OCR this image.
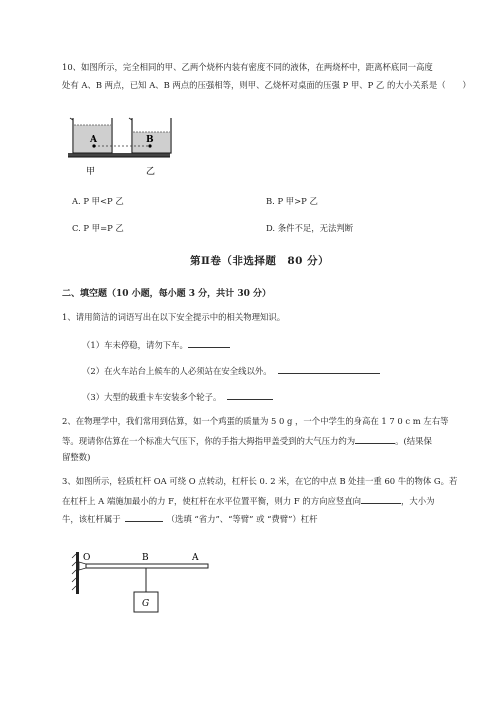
10、如图所示，完全相同的甲、乙两个烧杯内装有密度不同的液体，在两烧杯中，距离杯底同一高度
处有 A、B 两点，已知 A、B 两点的压强相等，则甲、乙烧杯对桌面的压强 P 甲、P 乙 的大小关系是（　　）
A	B
甲	乙
A. P 甲<P 乙	B. P 甲>P 乙
C. P 甲=P 乙	D. 条件不足，无法判断
第Ⅱ卷（非选择题　80 分）
二、填空题（10 小题，每小题 3 分，共计 30 分）
1、请用简洁的词语写出在以下安全提示中的相关物理知识。
（1）车未停稳，请勿下车。
（2）在火车站台上候车的人必须站在安全线以外。
（3）大型的载重卡车安装多个轮子。
2、在物理学中，我们常用到估算，如一个鸡蛋的质量为 5 0 g ，一个中学生的身高在 1 7 0 c m 左右等
等。现请你估算在一个标准大气压下，你的手指大拇指甲盖受到的大气压力约为	。(结果保
留整数)
3、如图所示，轻质杠杆 OA 可绕 O 点转动，杠杆长 0. 2 米，在它的中点 B 处挂一重 60 牛的物体 G。若
在杠杆上 A 端施加最小的力 F，使杠杆在水平位置平衡，则力 F 的方向应竖直向	，大小为
牛，该杠杆属于	（选填 “省力”、“等臂” 或 “费臂”）杠杆
O	B	A
G
